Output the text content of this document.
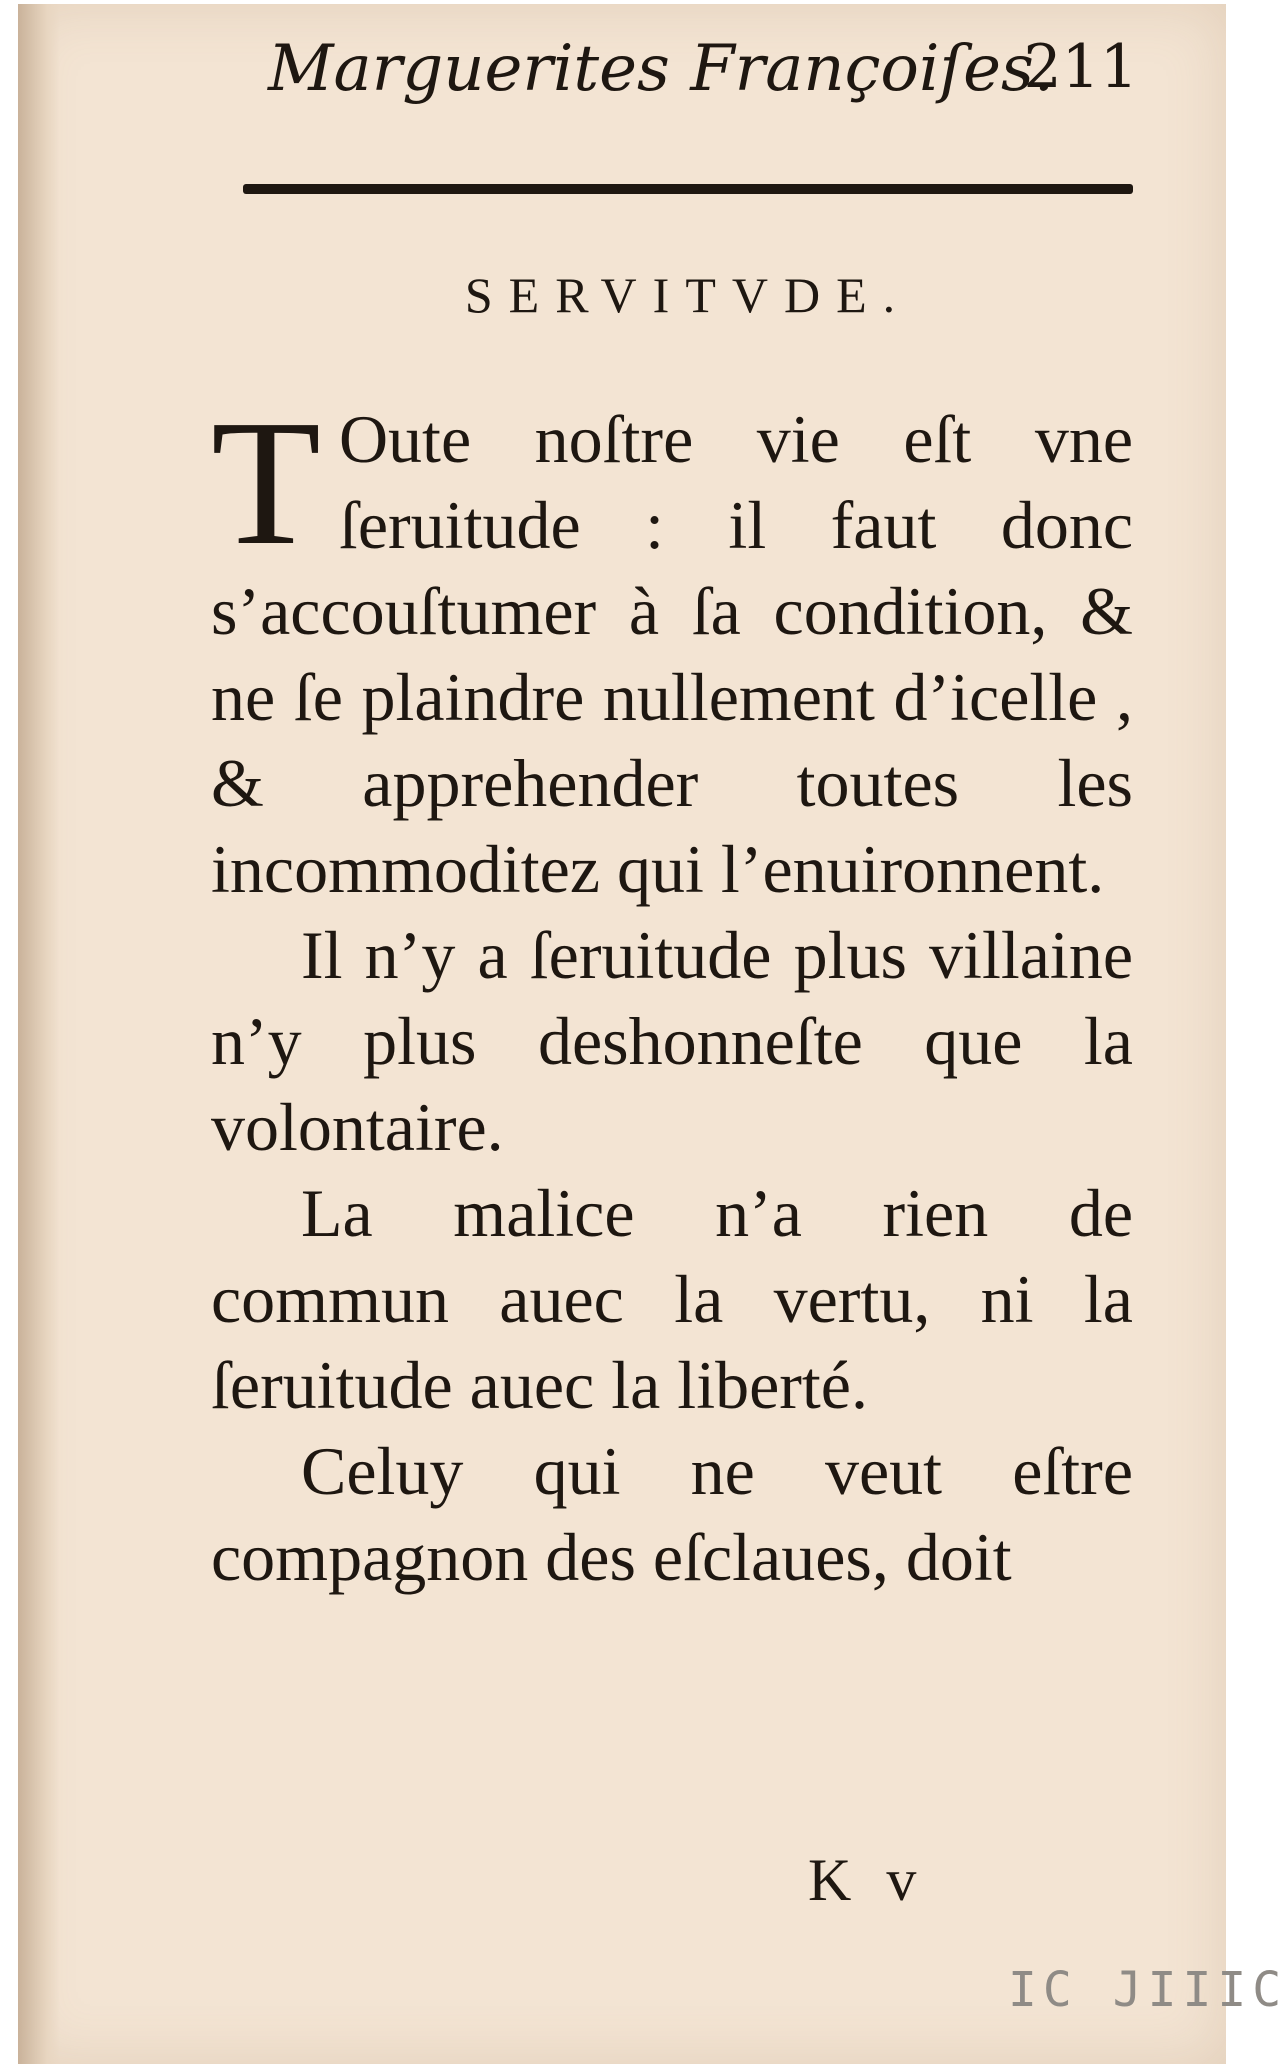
Marguerites Françoiſes.
211
SERVITVDE.

T Oute noſtre vie eſt vne ſeruitude : il faut donc s’accouſtumer à ſa condition, & ne ſe plaindre nullement d’icelle , & apprehender toutes les incommoditez qui l’enuironnent.

Il n’y a ſeruitude plus villaine n’y plus deshonneſte que la volontaire.

La malice n’a rien de commun auec la vertu, ni la ſeruitude auec la liberté.

Celuy qui ne veut eſtre compagnon des eſclaues, doit

K v
IC JIIIC
